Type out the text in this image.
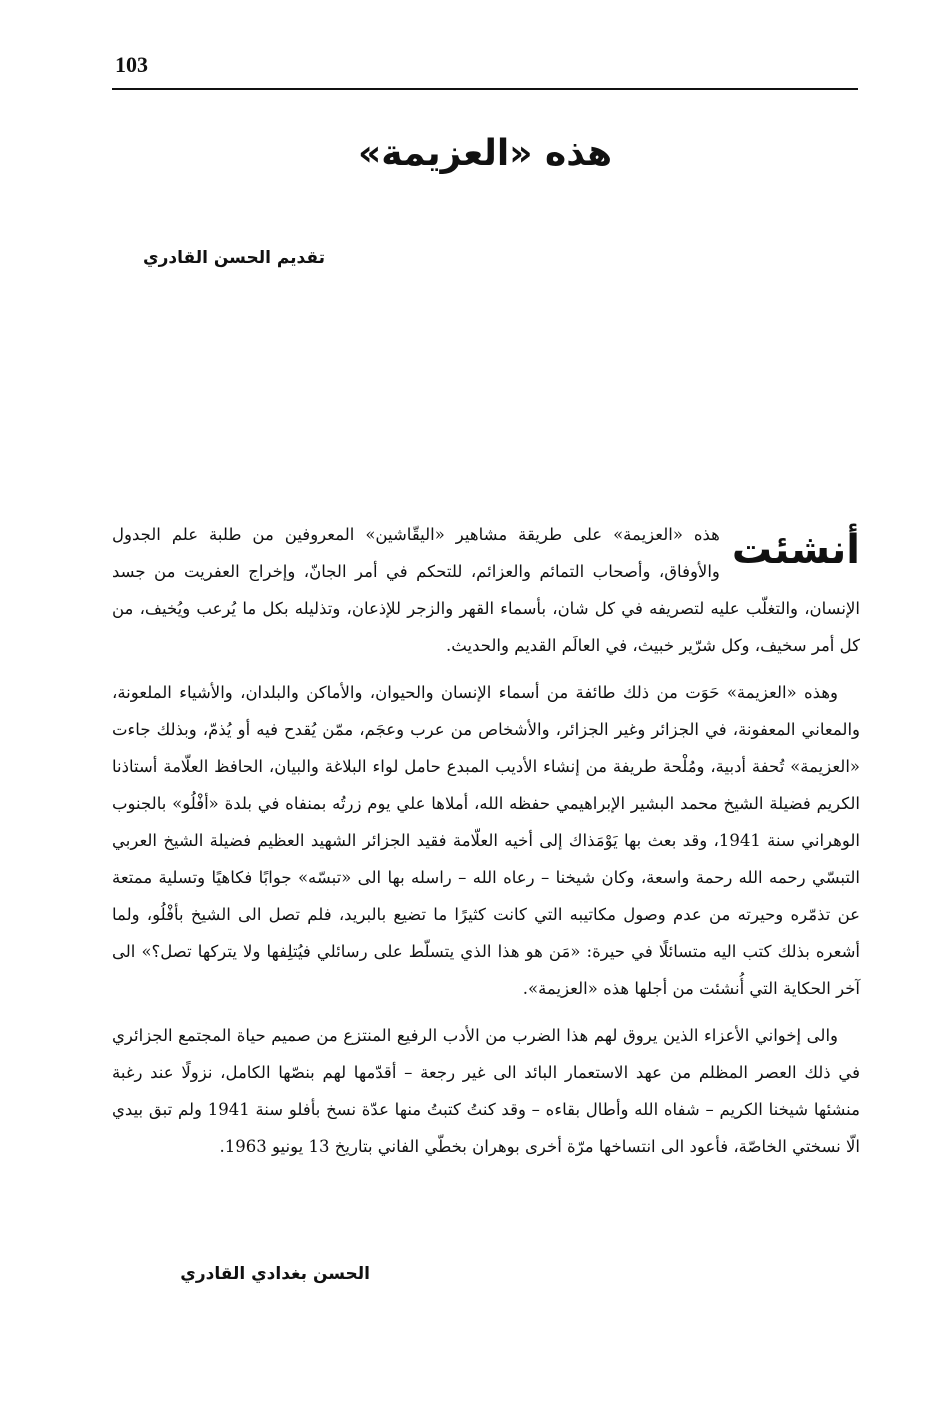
103
هذه «العزيمة»
تقديم الحسن القادري

أنشئت
هذه «العزيمة» على طريقة مشاهير «اليقّاشين» المعروفين من طلبة علم الجدول والأوفاق، وأصحاب التمائم والعزائم، للتحكم في أمر الجانّ، وإخراج العفريت من جسد الإنسان، والتغلّب عليه لتصريفه في كل شان، بأسماء القهر والزجر للإذعان، وتذليله بكل ما يُرعب ويُخيف، من كل أمر سخيف، وكل شرّير خبيث، في العالَم القديم والحديث.

وهذه «العزيمة» حَوَت من ذلك طائفة من أسماء الإنسان والحيوان، والأماكن والبلدان، والأشياء الملعونة، والمعاني المعفونة، في الجزائر وغير الجزائر، والأشخاص من عرب وعجَم، ممّن يُقدح فيه أو يُذمّ، وبذلك جاءت «العزيمة» تُحفة أدبية، ومُلْحة طريفة من إنشاء الأديب المبدع حامل لواء البلاغة والبيان، الحافظ العلّامة أستاذنا الكريم فضيلة الشيخ محمد البشير الإبراهيمي حفظه الله، أملاها علي يوم زرتُه بمنفاه في بلدة «أفْلُو» بالجنوب الوهراني سنة 1941، وقد بعث بها يَوْمَذاك إلى أخيه العلّامة فقيد الجزائر الشهيد العظيم فضيلة الشيخ العربي التبسّي رحمه الله رحمة واسعة، وكان شيخنا – رعاه الله – راسله بها الى «تبسّه» جوابًا فكاهيًا وتسلية ممتعة عن تذمّره وحيرته من عدم وصول مكاتيبه التي كانت كثيرًا ما تضيع بالبريد، فلم تصل الى الشيخ بأفْلُو، ولما أشعره بذلك كتب اليه متسائلًا في حيرة: «مَن هو هذا الذي يتسلّط على رسائلي فيُتلِفها ولا يتركها تصل؟» الى آخر الحكاية التي أُنشئت من أجلها هذه «العزيمة».

والى إخواني الأعزاء الذين يروق لهم هذا الضرب من الأدب الرفيع المنتزع من صميم حياة المجتمع الجزائري في ذلك العصر المظلم من عهد الاستعمار البائد الى غير رجعة – أقدّمها لهم بنصّها الكامل، نزولًا عند رغبة منشئها شيخنا الكريم – شفاه الله وأطال بقاءه – وقد كنتُ كتبتُ منها عدّة نسخ بأفلو سنة 1941 ولم تبق بيدي الّا نسختي الخاصّة، فأعود الى انتساخها مرّة أخرى بوهران بخطّي الفاني بتاريخ 13 يونيو 1963.

الحسن بغدادي القادري
